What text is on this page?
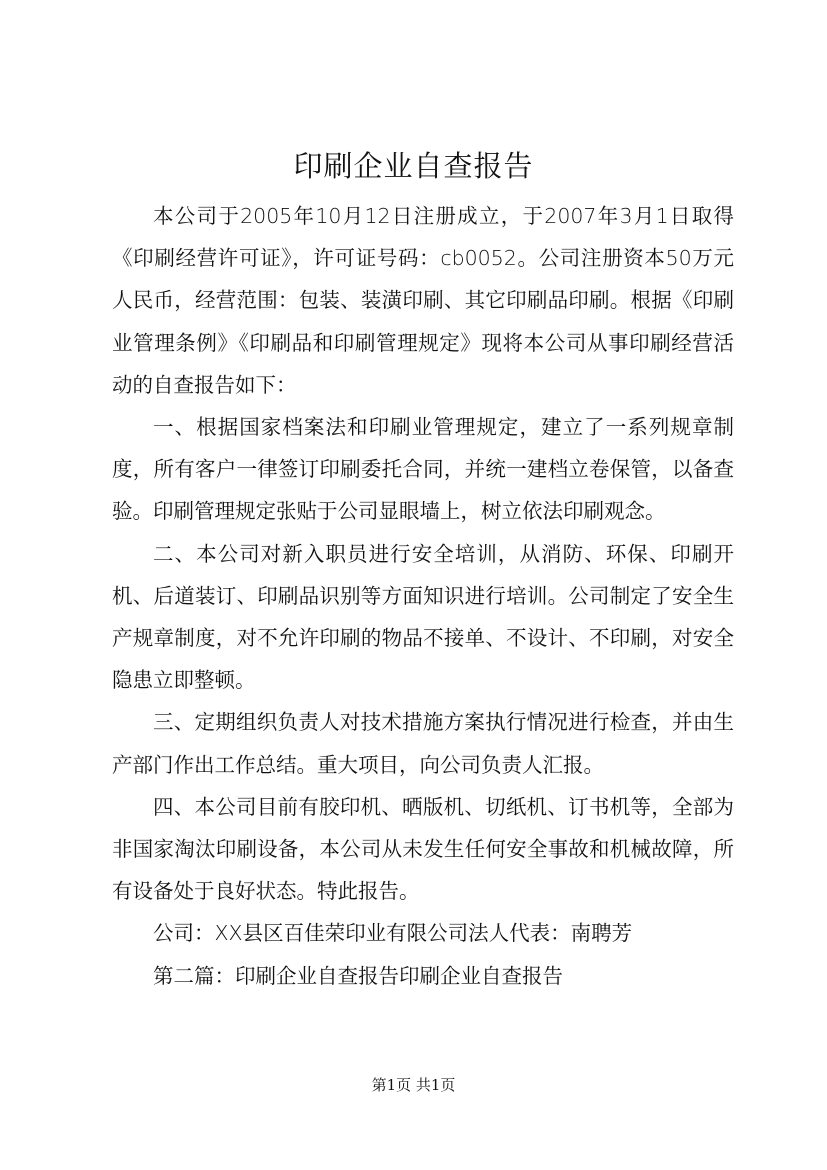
印刷企业自查报告

本公司于2005年10月12日注册成立，于2007年3月1日取得《印刷经营许可证》，许可证号码：cb0052。公司注册资本50万元人民币，经营范围：包装、装潢印刷、其它印刷品印刷。根据《印刷业管理条例》《印刷品和印刷管理规定》现将本公司从事印刷经营活动的自查报告如下：

一、根据国家档案法和印刷业管理规定，建立了一系列规章制度，所有客户一律签订印刷委托合同，并统一建档立卷保管，以备查验。印刷管理规定张贴于公司显眼墙上，树立依法印刷观念。

二、本公司对新入职员进行安全培训，从消防、环保、印刷开机、后道装订、印刷品识别等方面知识进行培训。公司制定了安全生产规章制度，对不允许印刷的物品不接单、不设计、不印刷，对安全隐患立即整顿。

三、定期组织负责人对技术措施方案执行情况进行检查，并由生产部门作出工作总结。重大项目，向公司负责人汇报。

四、本公司目前有胶印机、晒版机、切纸机、订书机等，全部为非国家淘汰印刷设备，本公司从未发生任何安全事故和机械故障，所有设备处于良好状态。特此报告。

公司：XX县区百佳荣印业有限公司法人代表：南聘芳

第二篇：印刷企业自查报告印刷企业自查报告

第1页 共1页
